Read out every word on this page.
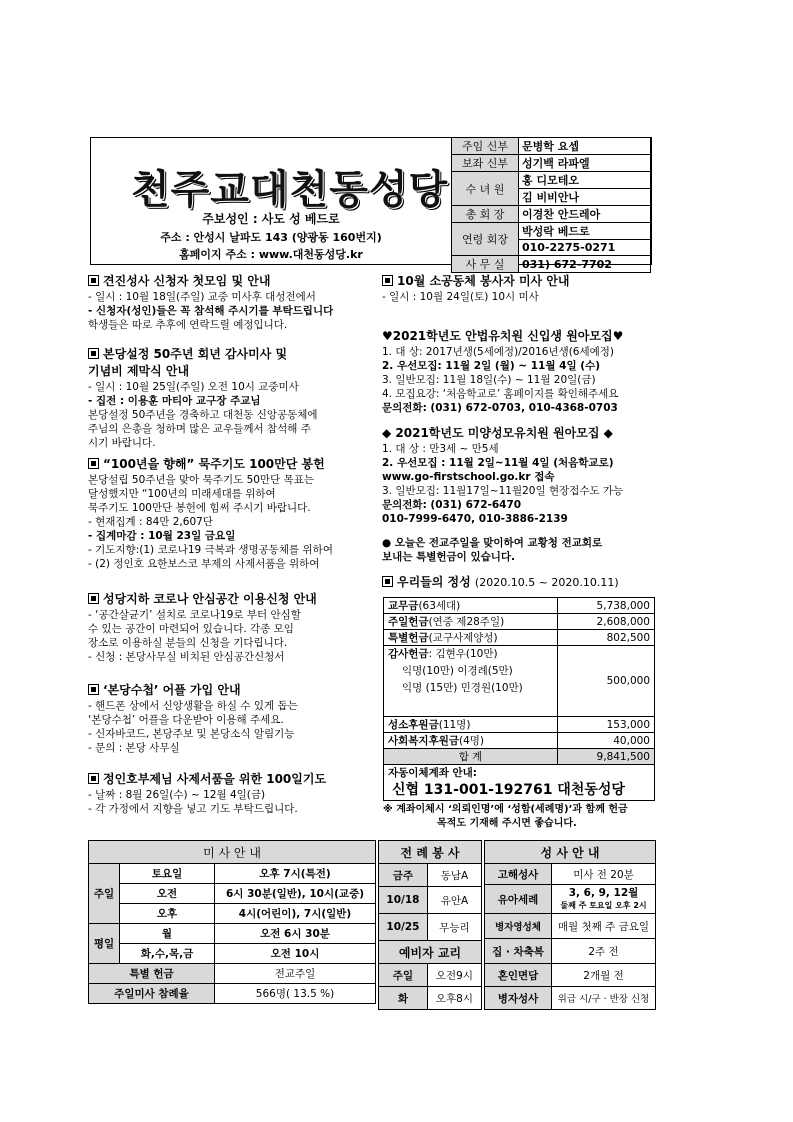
천주교대천동성당
주보성인 : 사도 성 베드로
주소 : 안성시 날파도 143 (양광동 160번지)
홈페이지 주소 : www.대천동성당.kr
주임 신부	문병학 요셉
보좌 신부	성기백 라파엘
수 녀 원	홍 디모테오
	김 비비안나
총 회 장	이경찬 안드레아
연령 회장	박성락 베드로
	010-2275-0271
사 무 실	031) 672-7702
견진성사 신청자 첫모임 및 안내

- 일시 : 10월 18일(주일) 교중 미사후 대성전에서

- 신청자(성인)들은 꼭 참석해 주시기를 부탁드립니다

학생들은 따로 추후에 연락드릴 예정입니다.

본당설정 50주년 회년 감사미사 및
기념비 제막식 안내

- 일시 : 10월 25일(주일) 오전 10시 교중미사

- 집전 : 이용훈 마티아 교구장 주교님

본당설정 50주년을 경축하고 대천동 신앙공동체에

주님의 은총을 청하며 많은 교우들께서 참석해 주

시기 바랍니다.

“100년을 향해” 묵주기도 100만단 봉헌

본당설립 50주년을 맞아 묵주기도 50만단 목표는

달성했지만 “100년의 미래세대를 위하여

묵주기도 100만단 봉헌에 힘써 주시기 바랍니다.

- 현재집계 : 84만 2,607단

- 집계마감 : 10월 23일 금요일

- 기도지향:(1) 코로나19 극복과 생명공동체를 위하여

- (2) 정인호 요한보스코 부제의 사제서품을 위하여

성당지하 코로나 안심공간 이용신청 안내

- ‘공간살균기’ 설치로 코로나19로 부터 안심할

수 있는 공간이 마련되어 있습니다. 각종 모임

장소로 이용하실 분들의 신청을 기다립니다.

- 신청 : 본당사무실 비치된 안심공간신청서

‘본당수첩’ 어플 가입 안내

- 핸드폰 상에서 신앙생활을 하실 수 있게 돕는

‘본당수첩’ 어플을 다운받아 이용해 주세요.

- 신자바코드, 본당주보 및 본당소식 알림기능

- 문의 : 본당 사무실

정인호부제님 사제서품을 위한 100일기도

- 날짜 : 8월 26일(수) ~ 12월 4일(금)

- 각 가정에서 지향을 넣고 기도 부탁드립니다.

10월 소공동체 봉사자 미사 안내

- 일시 : 10월 24일(토) 10시 미사

♥2021학년도 안법유치원 신입생 원아모집♥

1. 대 상: 2017년생(5세예정)/2016년생(6세예정)

2. 우선모집: 11월 2일 (월) ~ 11월 4일 (수)

3. 일반모집: 11월 18일(수) ~ 11월 20일(금)

4. 모집요강: ‘처음학교로’ 홈페이지를 확인해주세요

문의전화: (031) 672-0703, 010-4368-0703

◆ 2021학년도 미양성모유치원 원아모집 ◆

1. 대 상 : 만3세 ~ 만5세

2. 우선모집 : 11월 2일~11월 4일 (처음학교로)

www.go-firstschool.go.kr 접속

3. 일반모집: 11월17일~11월20일 현장접수도 가능

문의전화: (031) 672-6470

010-7999-6470, 010-3886-2139

● 오늘은 전교주일을 맞이하여 교황청 전교회로

보내는 특별헌금이 있습니다.

우리들의 정성 (2020.10.5 ~ 2020.10.11)
교무금(63세대)	5,738,000
주일헌금(연중 제28주일)	2,608,000
특별헌금(교구사제양성)	802,500
감사헌금: 김현우(10만)
익명(10만) 이경례(5만)
익명 (15만) 민경원(10만)	500,000
성소후원금(11명)	153,000
사회복지후원금(4명)	40,000
합 계	9,841,500
자동이체계좌 안내:
신협 131-001-192761 대천동성당	
※ 계좌이체시 ‘의뢰인명’에 ‘성함(세례명)’과 함께 헌금
목적도 기재해 주시면 좋습니다.
미 사 안 내		
주일	토요일	오후 7시(특전)
	오전	6시 30분(일반), 10시(교중)
	오후	4시(어린이), 7시(일반)
평일	월	오전 6시 30분
	화,수,목,금	오전 10시
특별 헌금		전교주일
주일미사 참례율		566명( 13.5 %)
전 례 봉 사	
금주	동남A
10/18	유안A
10/25	무능리
예비자 교리	
주일	오전9시
화	오후8시
성 사 안 내	
고해성사	미사 전 20분
유아세례	3, 6, 9, 12월
둘째 주 토요일 오후 2시
병자영성체	매월 첫째 주 금요일
집 · 차축복	2주 전
혼인면담	2개월 전
병자성사	위급 시/구 · 반장 신청
